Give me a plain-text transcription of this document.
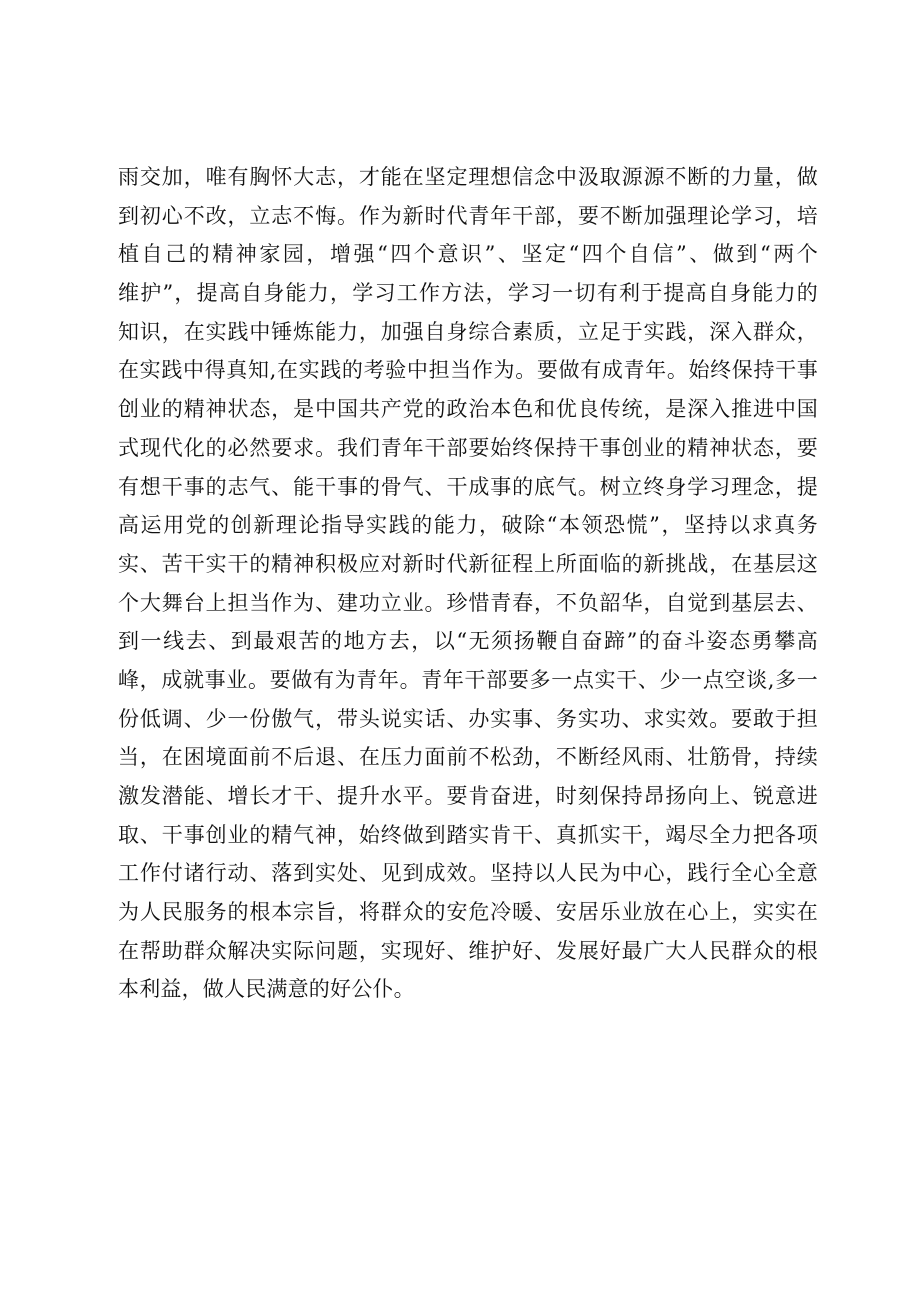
雨交加，唯有胸怀大志，才能在坚定理想信念中汲取源源不断的力量，做
到初心不改，立志不悔。作为新时代青年干部，要不断加强理论学习，培
植自己的精神家园，增强“四个意识”、坚定“四个自信”、做到“两个
维护”，提高自身能力，学习工作方法，学习一切有利于提高自身能力的
知识，在实践中锤炼能力，加强自身综合素质，立足于实践，深入群众，
在实践中得真知,在实践的考验中担当作为。要做有成青年。始终保持干事
创业的精神状态，是中国共产党的政治本色和优良传统，是深入推进中国
式现代化的必然要求。我们青年干部要始终保持干事创业的精神状态，要
有想干事的志气、能干事的骨气、干成事的底气。树立终身学习理念，提
高运用党的创新理论指导实践的能力，破除“本领恐慌”，坚持以求真务
实、苦干实干的精神积极应对新时代新征程上所面临的新挑战，在基层这
个大舞台上担当作为、建功立业。珍惜青春，不负韶华，自觉到基层去、
到一线去、到最艰苦的地方去，以“无须扬鞭自奋蹄”的奋斗姿态勇攀高
峰，成就事业。要做有为青年。青年干部要多一点实干、少一点空谈,多一
份低调、少一份傲气，带头说实话、办实事、务实功、求实效。要敢于担
当，在困境面前不后退、在压力面前不松劲，不断经风雨、壮筋骨，持续
激发潜能、增长才干、提升水平。要肯奋进，时刻保持昂扬向上、锐意进
取、干事创业的精气神，始终做到踏实肯干、真抓实干，竭尽全力把各项
工作付诸行动、落到实处、见到成效。坚持以人民为中心，践行全心全意
为人民服务的根本宗旨，将群众的安危冷暖、安居乐业放在心上，实实在
在帮助群众解决实际问题，实现好、维护好、发展好最广大人民群众的根
本利益，做人民满意的好公仆。
